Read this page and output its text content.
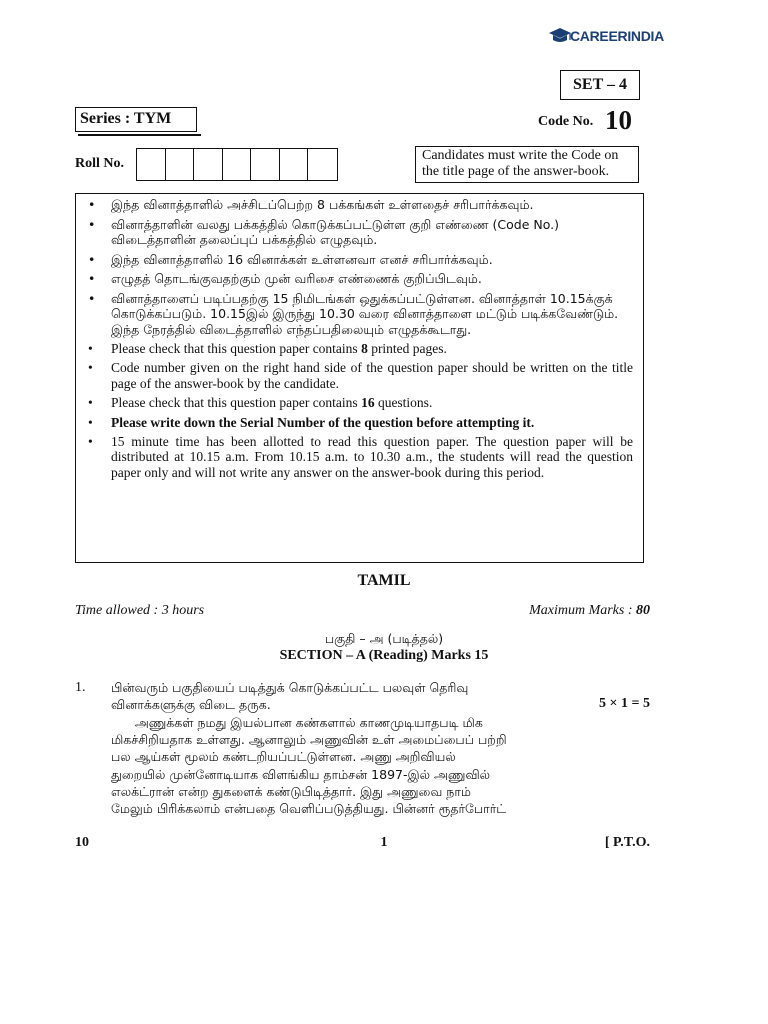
CAREERINDIA
SET – 4
Series : TYM	Code No. 10
Roll No.
Candidates must write the Code on the title page of the answer-book.
• இந்த வினாத்தாளில் அச்சிடப்பெற்ற 8 பக்கங்கள் உள்ளதைச் சரிபார்க்கவும்.
• வினாத்தாளின் வலது பக்கத்தில் கொடுக்கப்பட்டுள்ள குறி எண்ணை (Code No.) விடைத்தாளின் தலைப்புப் பக்கத்தில் எழுதவும்.
• இந்த வினாத்தாளில் 16 வினாக்கள் உள்ளனவா எனச் சரிபார்க்கவும்.
• எழுதத் தொடங்குவதற்கும் முன் வரிசை எண்ணைக் குறிப்பிடவும்.
• வினாத்தாளைப் படிப்பதற்கு 15 நிமிடங்கள் ஒதுக்கப்பட்டுள்ளன. வினாத்தாள் 10.15க்குக் கொடுக்கப்படும். 10.15இல் இருந்து 10.30 வரை வினாத்தாளை மட்டும் படிக்கவேண்டும். இந்த நேரத்தில் விடைத்தாளில் எந்தப்பதிலையும் எழுதக்கூடாது.
• Please check that this question paper contains 8 printed pages.
• Code number given on the right hand side of the question paper should be written on the title page of the answer-book by the candidate.
• Please check that this question paper contains 16 questions.
• Please write down the Serial Number of the question before attempting it.
• 15 minute time has been allotted to read this question paper. The question paper will be distributed at 10.15 a.m. From 10.15 a.m. to 10.30 a.m., the students will read the question paper only and will not write any answer on the answer-book during this period.
TAMIL
Time allowed : 3 hours	Maximum Marks : 80
பகுதி – அ (படித்தல்)
SECTION – A (Reading) Marks 15
1. பின்வரும் பகுதியைப் படித்துக் கொடுக்கப்பட்ட பலவுள் தெரிவு
வினாக்களுக்கு விடை தருக.	5 × 1 = 5
அணுக்கள் நமது இயல்பான கண்களால் காணமுடியாதபடி மிக
மிகச்சிறியதாக உள்ளது. ஆனாலும் அணுவின் உள் அமைப்பைப் பற்றி
பல ஆய்கள் மூலம் கண்டறியப்பட்டுள்ளன. அணு அறிவியல்
துறையில் முன்னோடியாக விளங்கிய தாம்சன் 1897-இல் அணுவில்
எலக்ட்ரான் என்ற துகளைக் கண்டுபிடித்தார். இது அணுவை நாம்
மேலும் பிரிக்கலாம் என்பதை வெளிப்படுத்தியது. பின்னர் ரூதர்போர்ட்
10	1	[ P.T.O.
